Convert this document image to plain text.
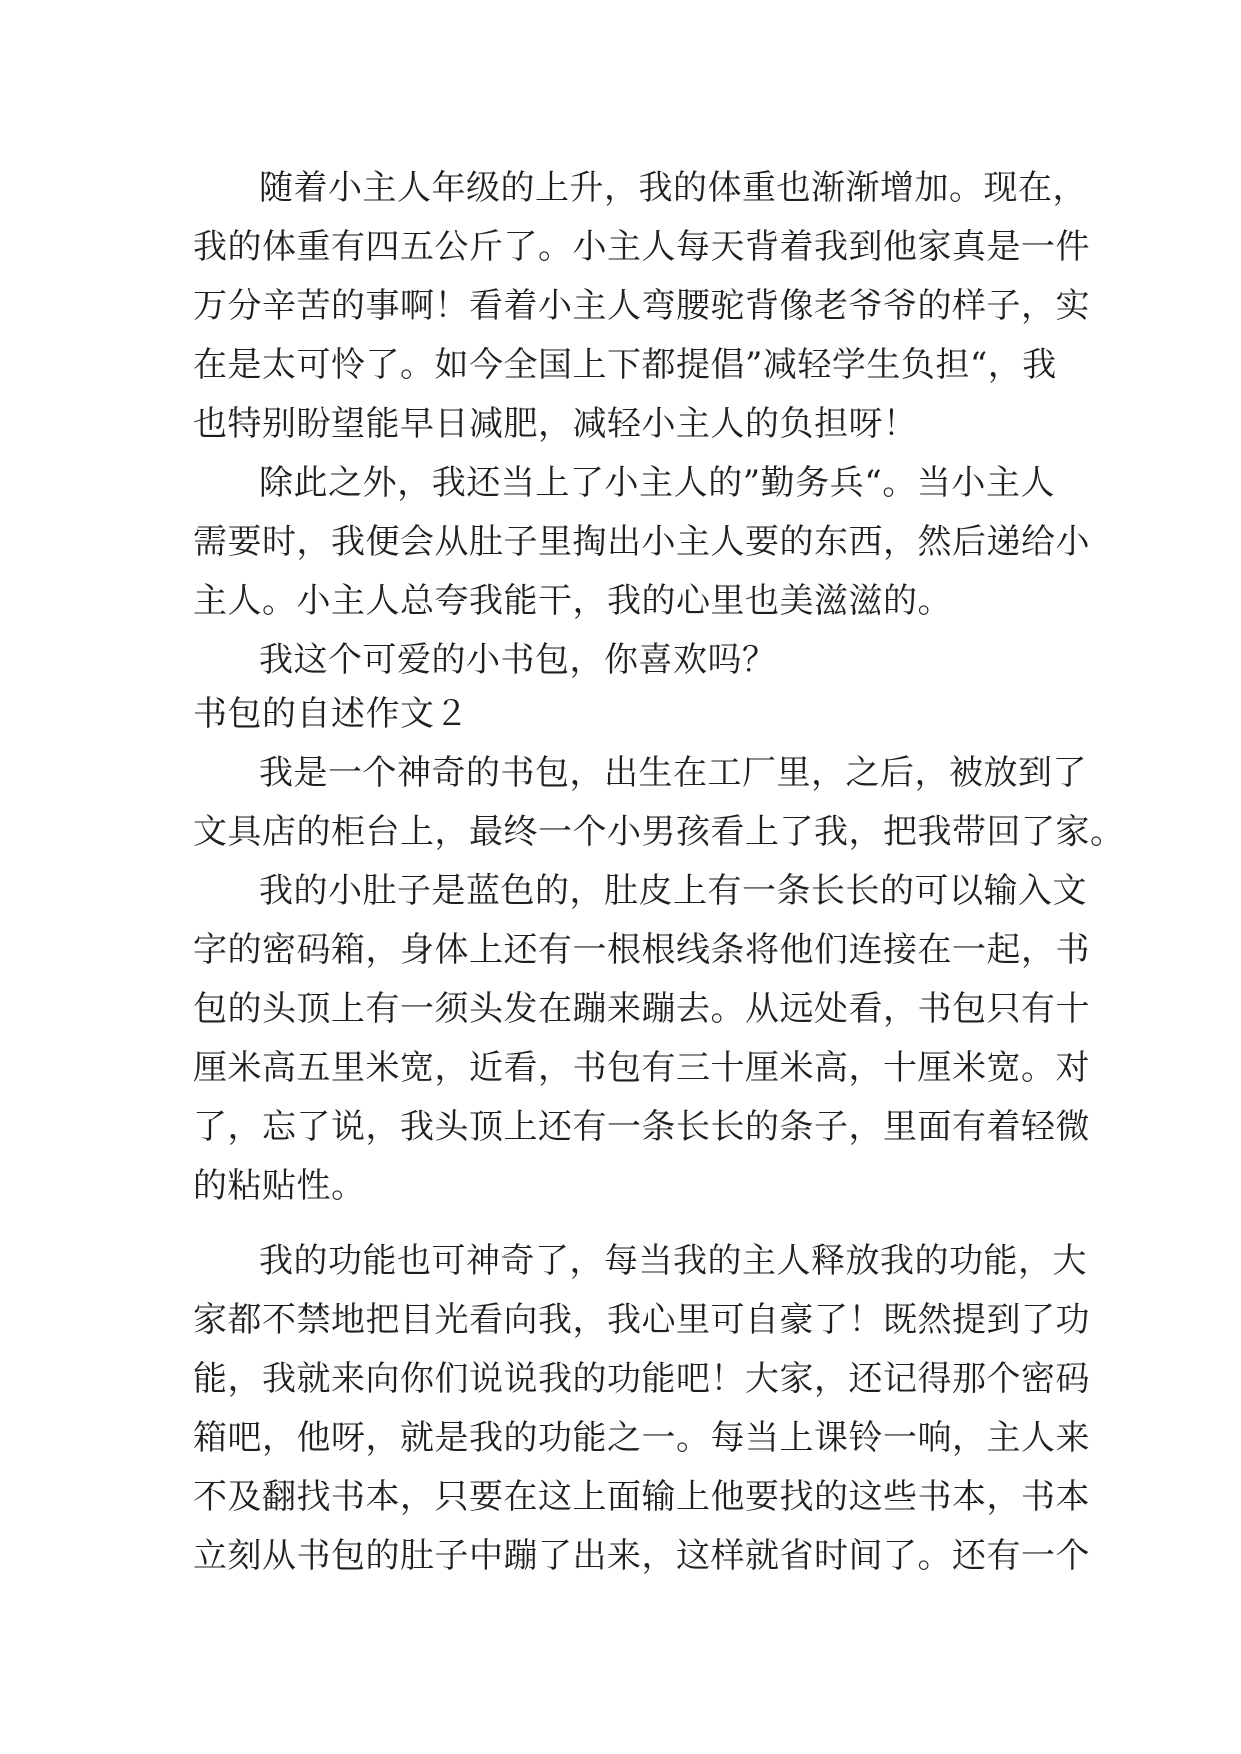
随着小主人年级的上升，我的体重也渐渐增加。现在，
我的体重有四五公斤了。小主人每天背着我到他家真是一件
万分辛苦的事啊！看着小主人弯腰驼背像老爷爷的样子，实
在是太可怜了。如今全国上下都提倡”减轻学生负担“，我
也特别盼望能早日减肥，减轻小主人的负担呀！
除此之外，我还当上了小主人的”勤务兵“。当小主人
需要时，我便会从肚子里掏出小主人要的东西，然后递给小
主人。小主人总夸我能干，我的心里也美滋滋的。
我这个可爱的小书包，你喜欢吗？
书包的自述作文２
我是一个神奇的书包，出生在工厂里，之后，被放到了
文具店的柜台上，最终一个小男孩看上了我，把我带回了家。
我的小肚子是蓝色的，肚皮上有一条长长的可以输入文
字的密码箱，身体上还有一根根线条将他们连接在一起，书
包的头顶上有一须头发在蹦来蹦去。从远处看，书包只有十
厘米高五里米宽，近看，书包有三十厘米高，十厘米宽。对
了，忘了说，我头顶上还有一条长长的条子，里面有着轻微
的粘贴性。
我的功能也可神奇了，每当我的主人释放我的功能，大
家都不禁地把目光看向我，我心里可自豪了！既然提到了功
能，我就来向你们说说我的功能吧！大家，还记得那个密码
箱吧，他呀，就是我的功能之一。每当上课铃一响，主人来
不及翻找书本，只要在这上面输上他要找的这些书本，书本
立刻从书包的肚子中蹦了出来，这样就省时间了。还有一个
